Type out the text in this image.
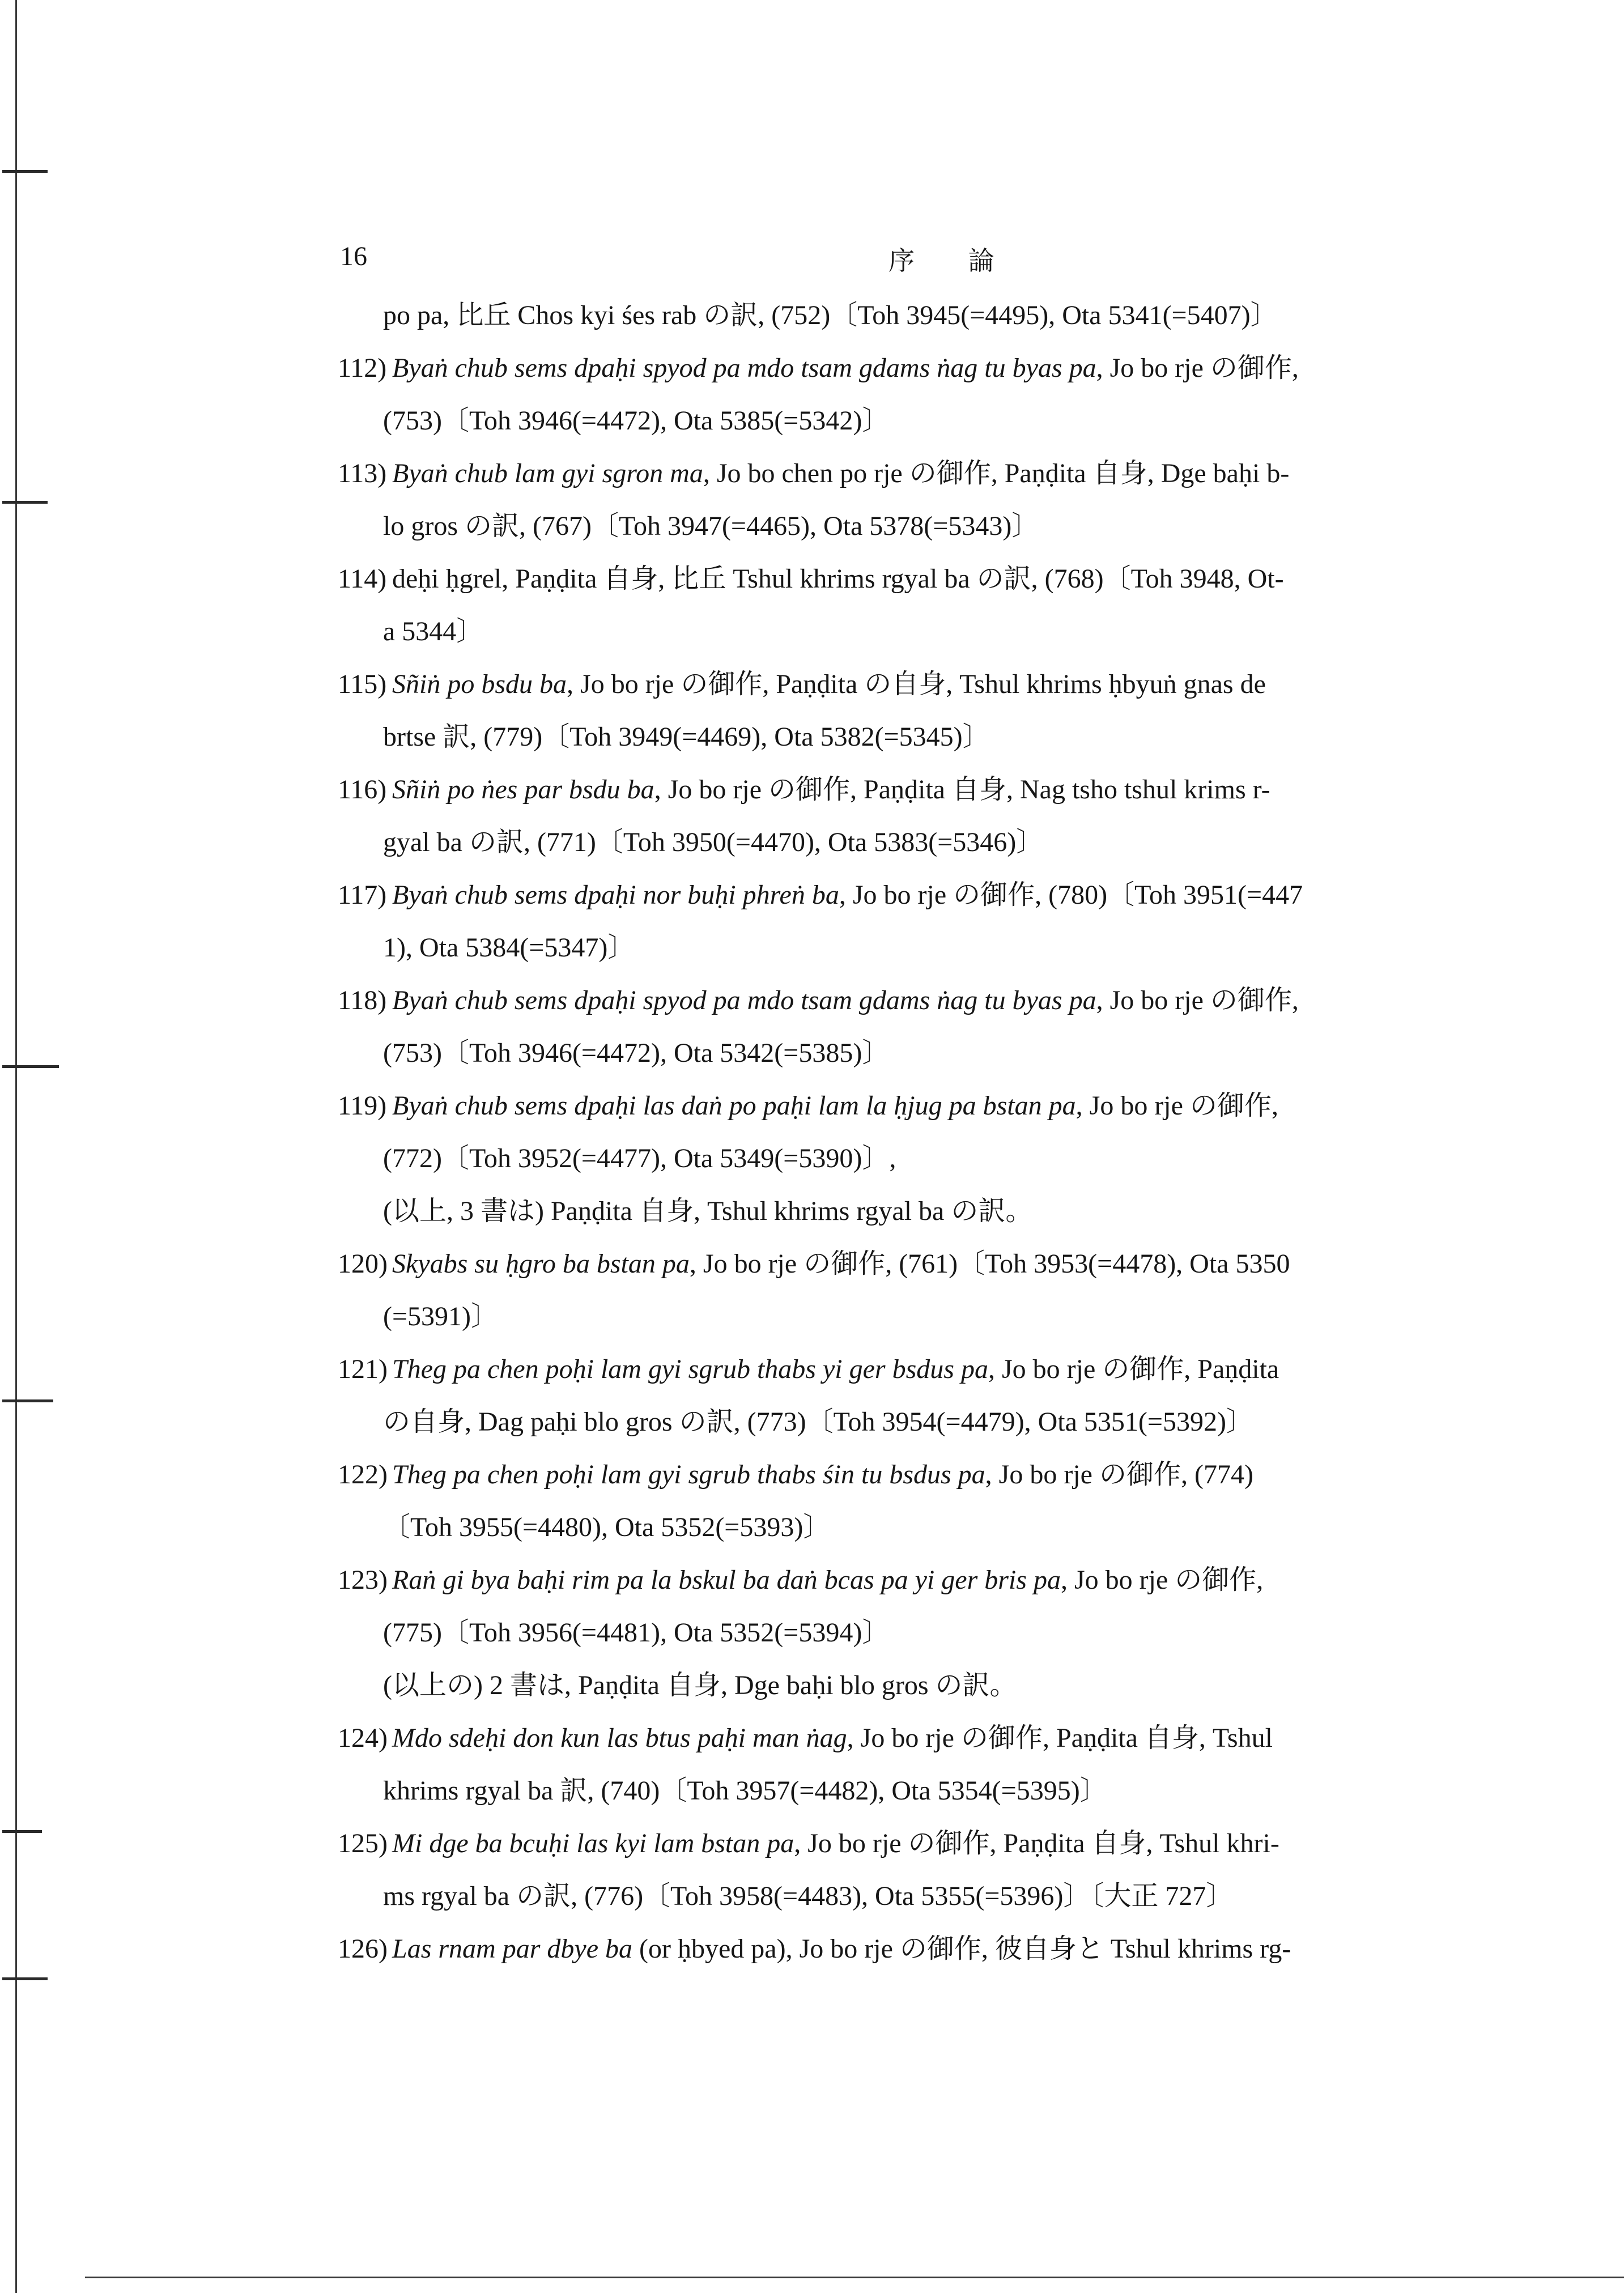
16	序 論
po pa, 比丘 Chos kyi śes rab の訳, (752)〔Toh 3945(=4495), Ota 5341(=5407)〕
112) Byaṅ chub sems dpaḥi spyod pa mdo tsam gdams ṅag tu byas pa, Jo bo rje の御作,
(753)〔Toh 3946(=4472), Ota 5385(=5342)〕
113) Byaṅ chub lam gyi sgron ma, Jo bo chen po rje の御作, Paṇḍita 自身, Dge baḥi b-
lo gros の訳, (767)〔Toh 3947(=4465), Ota 5378(=5343)〕
114) deḥi ḥgrel, Paṇḍita 自身, 比丘 Tshul khrims rgyal ba の訳, (768)〔Toh 3948, Ot-
a 5344〕
115) Sñiṅ po bsdu ba, Jo bo rje の御作, Paṇḍita の自身, Tshul khrims ḥbyuṅ gnas de
brtse 訳, (779)〔Toh 3949(=4469), Ota 5382(=5345)〕
116) Sñiṅ po ṅes par bsdu ba, Jo bo rje の御作, Paṇḍita 自身, Nag tsho tshul krims r-
gyal ba の訳, (771)〔Toh 3950(=4470), Ota 5383(=5346)〕
117) Byaṅ chub sems dpaḥi nor buḥi phreṅ ba, Jo bo rje の御作, (780)〔Toh 3951(=447
1), Ota 5384(=5347)〕
118) Byaṅ chub sems dpaḥi spyod pa mdo tsam gdams ṅag tu byas pa, Jo bo rje の御作,
(753)〔Toh 3946(=4472), Ota 5342(=5385)〕
119) Byaṅ chub sems dpaḥi las daṅ po paḥi lam la ḥjug pa bstan pa, Jo bo rje の御作,
(772)〔Toh 3952(=4477), Ota 5349(=5390)〕,
(以上, 3 書は) Paṇḍita 自身, Tshul khrims rgyal ba の訳。
120) Skyabs su ḥgro ba bstan pa, Jo bo rje の御作, (761)〔Toh 3953(=4478), Ota 5350
(=5391)〕
121) Theg pa chen poḥi lam gyi sgrub thabs yi ger bsdus pa, Jo bo rje の御作, Paṇḍita
の自身, Dag paḥi blo gros の訳, (773)〔Toh 3954(=4479), Ota 5351(=5392)〕
122) Theg pa chen poḥi lam gyi sgrub thabs śin tu bsdus pa, Jo bo rje の御作, (774)
〔Toh 3955(=4480), Ota 5352(=5393)〕
123) Raṅ gi bya baḥi rim pa la bskul ba daṅ bcas pa yi ger bris pa, Jo bo rje の御作,
(775)〔Toh 3956(=4481), Ota 5352(=5394)〕
(以上の) 2 書は, Paṇḍita 自身, Dge baḥi blo gros の訳。
124) Mdo sdeḥi don kun las btus paḥi man ṅag, Jo bo rje の御作, Paṇḍita 自身, Tshul
khrims rgyal ba 訳, (740)〔Toh 3957(=4482), Ota 5354(=5395)〕
125) Mi dge ba bcuḥi las kyi lam bstan pa, Jo bo rje の御作, Paṇḍita 自身, Tshul khri-
ms rgyal ba の訳, (776)〔Toh 3958(=4483), Ota 5355(=5396)〕〔大正 727〕
126) Las rnam par dbye ba (or ḥbyed pa), Jo bo rje の御作, 彼自身と Tshul khrims rg-
